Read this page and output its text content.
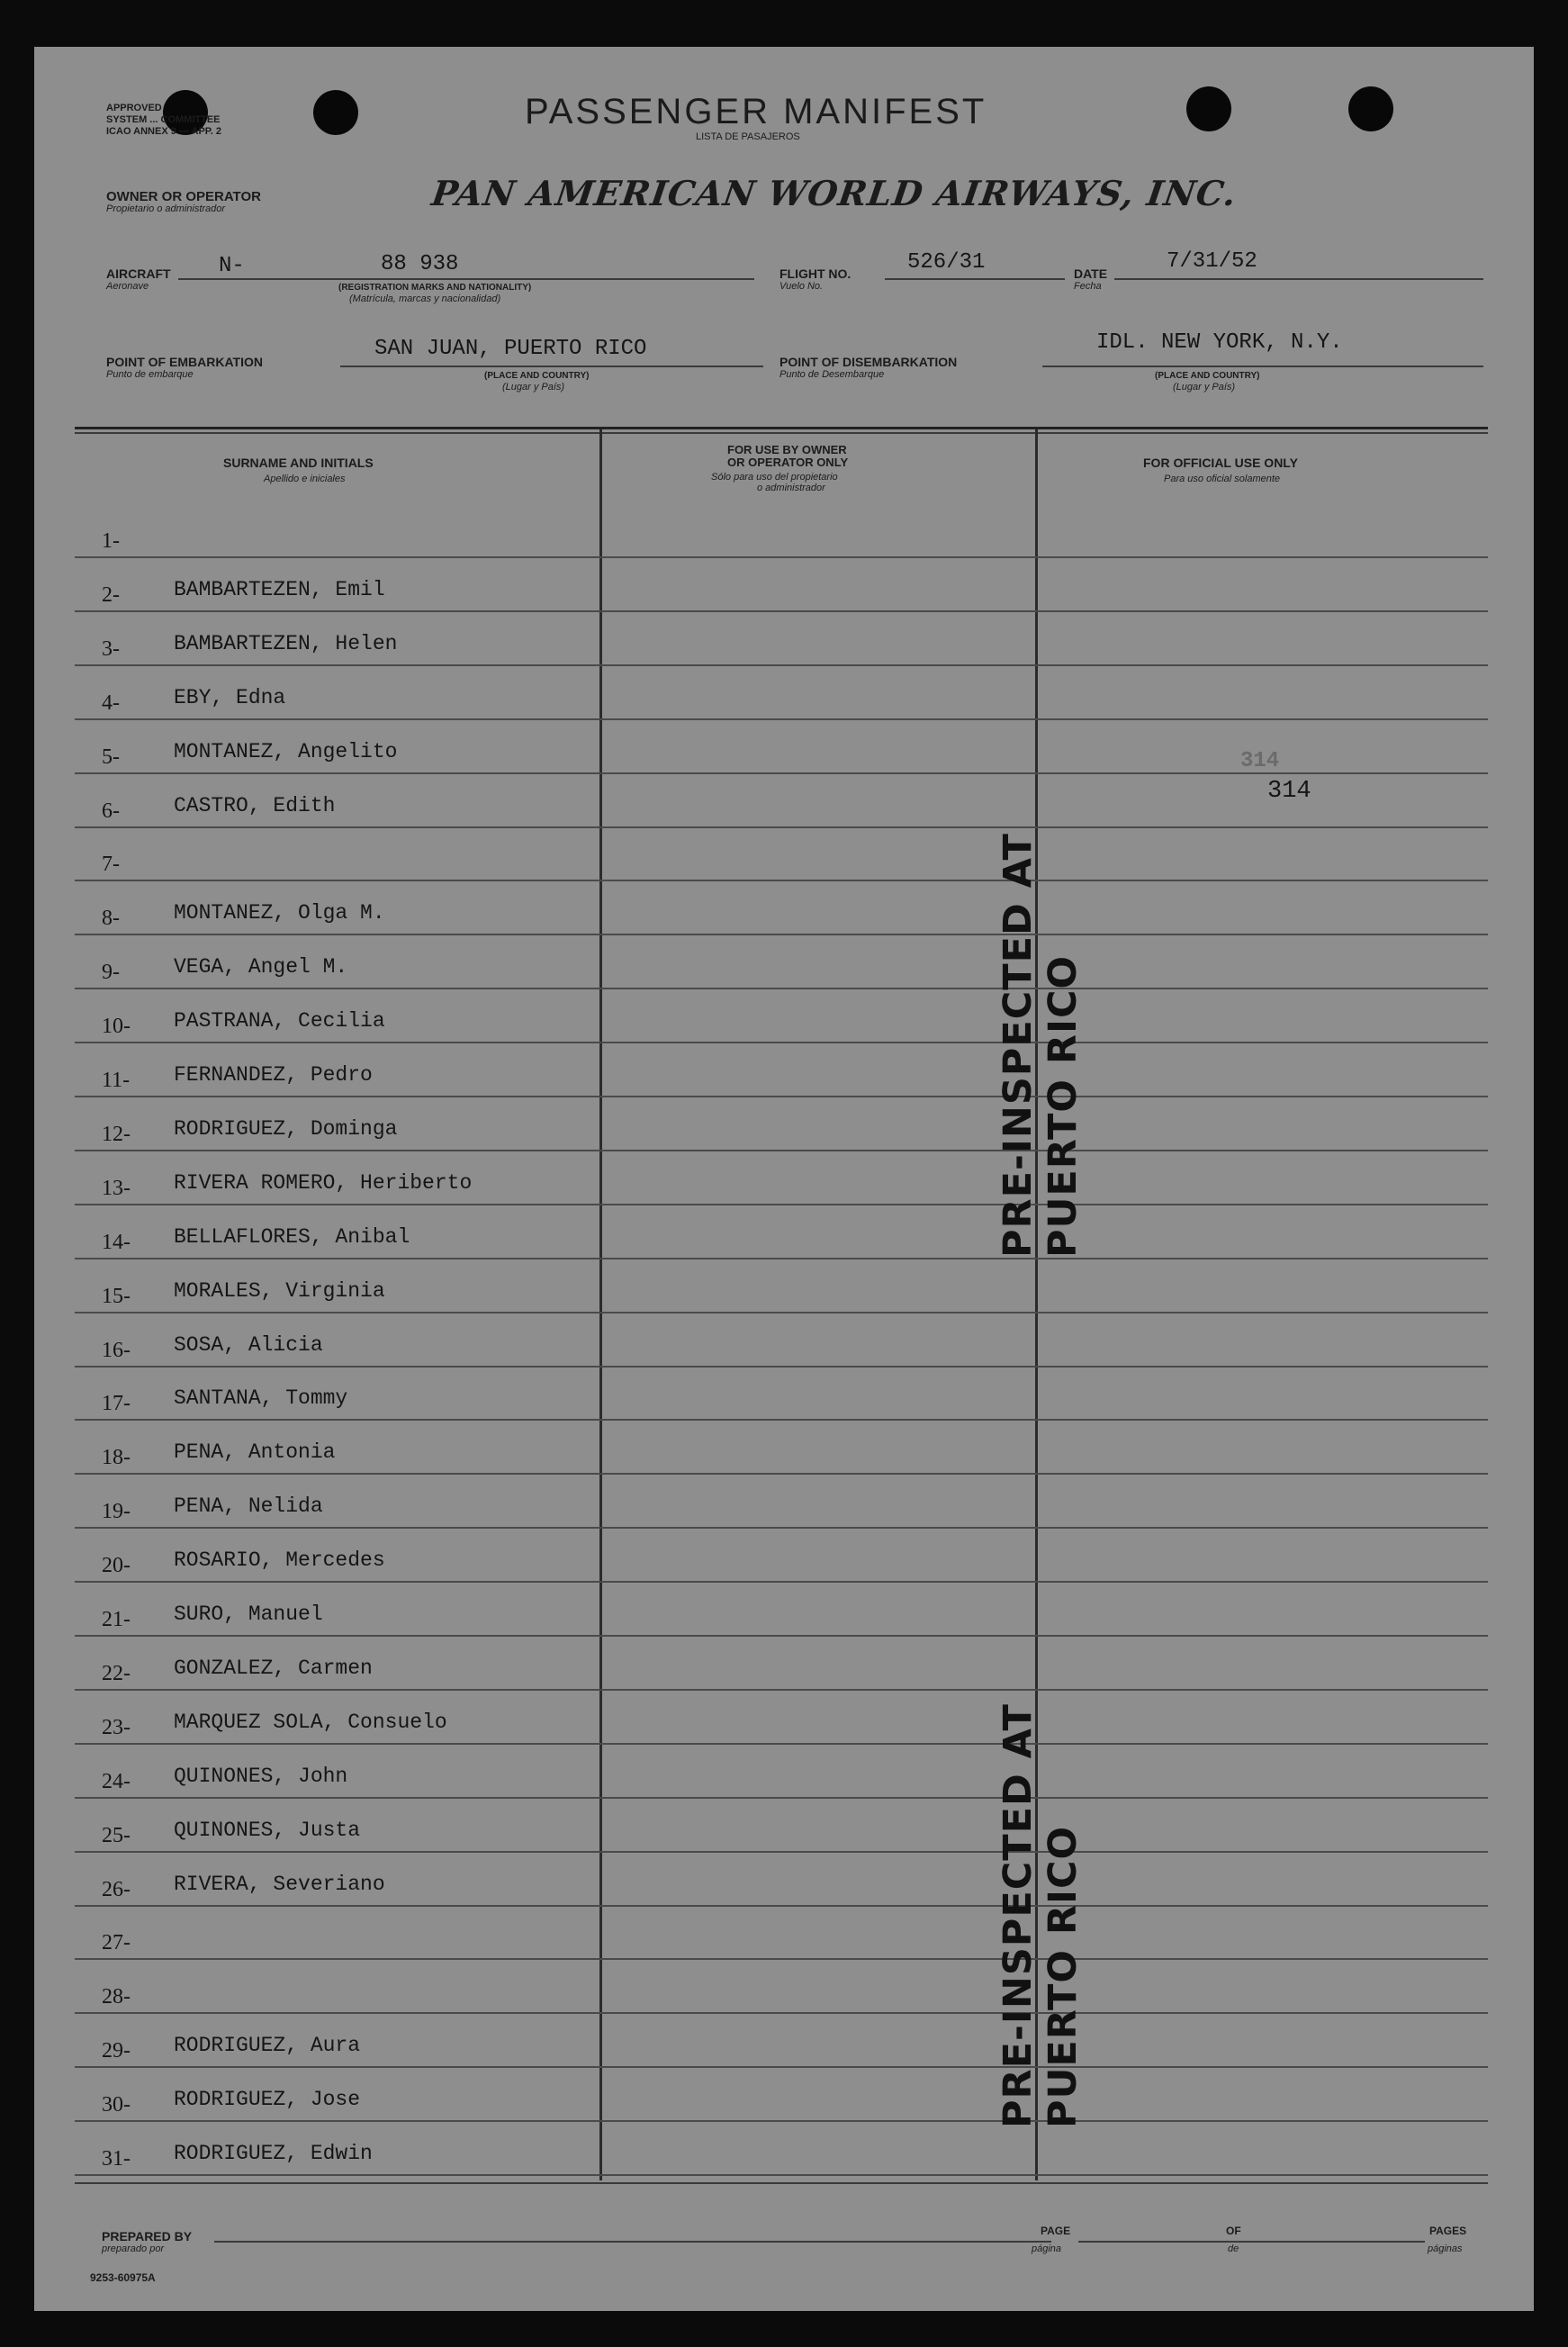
APPROVED
SYSTEM ... COMMITTEE
ICAO ANNEX 9 — APP. 2	PASSENGER MANIFEST
LISTA DE PASAJEROS
OWNER OR OPERATOR
Propietario o administrador	PAN AMERICAN WORLD AIRWAYS, INC.
AIRCRAFT
Aeronave
N-	88 938
(REGISTRATION MARKS AND NATIONALITY)
(Matrícula, marcas y nacionalidad)
FLIGHT NO.
Vuelo No.
526/31	DATE
Fecha
7/31/52
POINT OF EMBARKATION
Punto de embarque
SAN JUAN, PUERTO RICO
(PLACE AND COUNTRY)
(Lugar y País)
POINT OF DISEMBARKATION
Punto de Desembarque
IDL. NEW YORK, N.Y.
(PLACE AND COUNTRY)
(Lugar y País)
SURNAME AND INITIALS
Apellido e iniciales
FOR USE BY OWNER
OR OPERATOR ONLY
Sólo para uso del propietario
o administrador
FOR OFFICIAL USE ONLY
Para uso oficial solamente
1-
2-	BAMBARTEZEN, Emil
3-	BAMBARTEZEN, Helen
4-	EBY, Edna
5-	MONTANEZ, Angelito
6-	CASTRO, Edith
7-
8-	MONTANEZ, Olga M.
9-	VEGA, Angel M.
10- PASTRANA, Cecilia
11- FERNANDEZ, Pedro
12- RODRIGUEZ, Dominga
13- RIVERA ROMERO, Heriberto
14- BELLAFLORES, Anibal
15- MORALES, Virginia
16- SOSA, Alicia
17- SANTANA, Tommy
18- PENA, Antonia
19- PENA, Nelida
20- ROSARIO, Mercedes
21- SURO, Manuel
22- GONZALEZ, Carmen
23- MARQUEZ SOLA, Consuelo
24- QUINONES, John
25- QUINONES, Justa
26- RIVERA, Severiano
27-
28-
29- RODRIGUEZ, Aura
30- RODRIGUEZ, Jose
31- RODRIGUEZ, Edwin
PRE-INSPECTED AT PUERTO RICO
PRE-INSPECTED AT PUERTO RICO
314
314
PREPARED BY
preparado por
PAGE
página
OF
de
PAGES
páginas
9253-60975A
